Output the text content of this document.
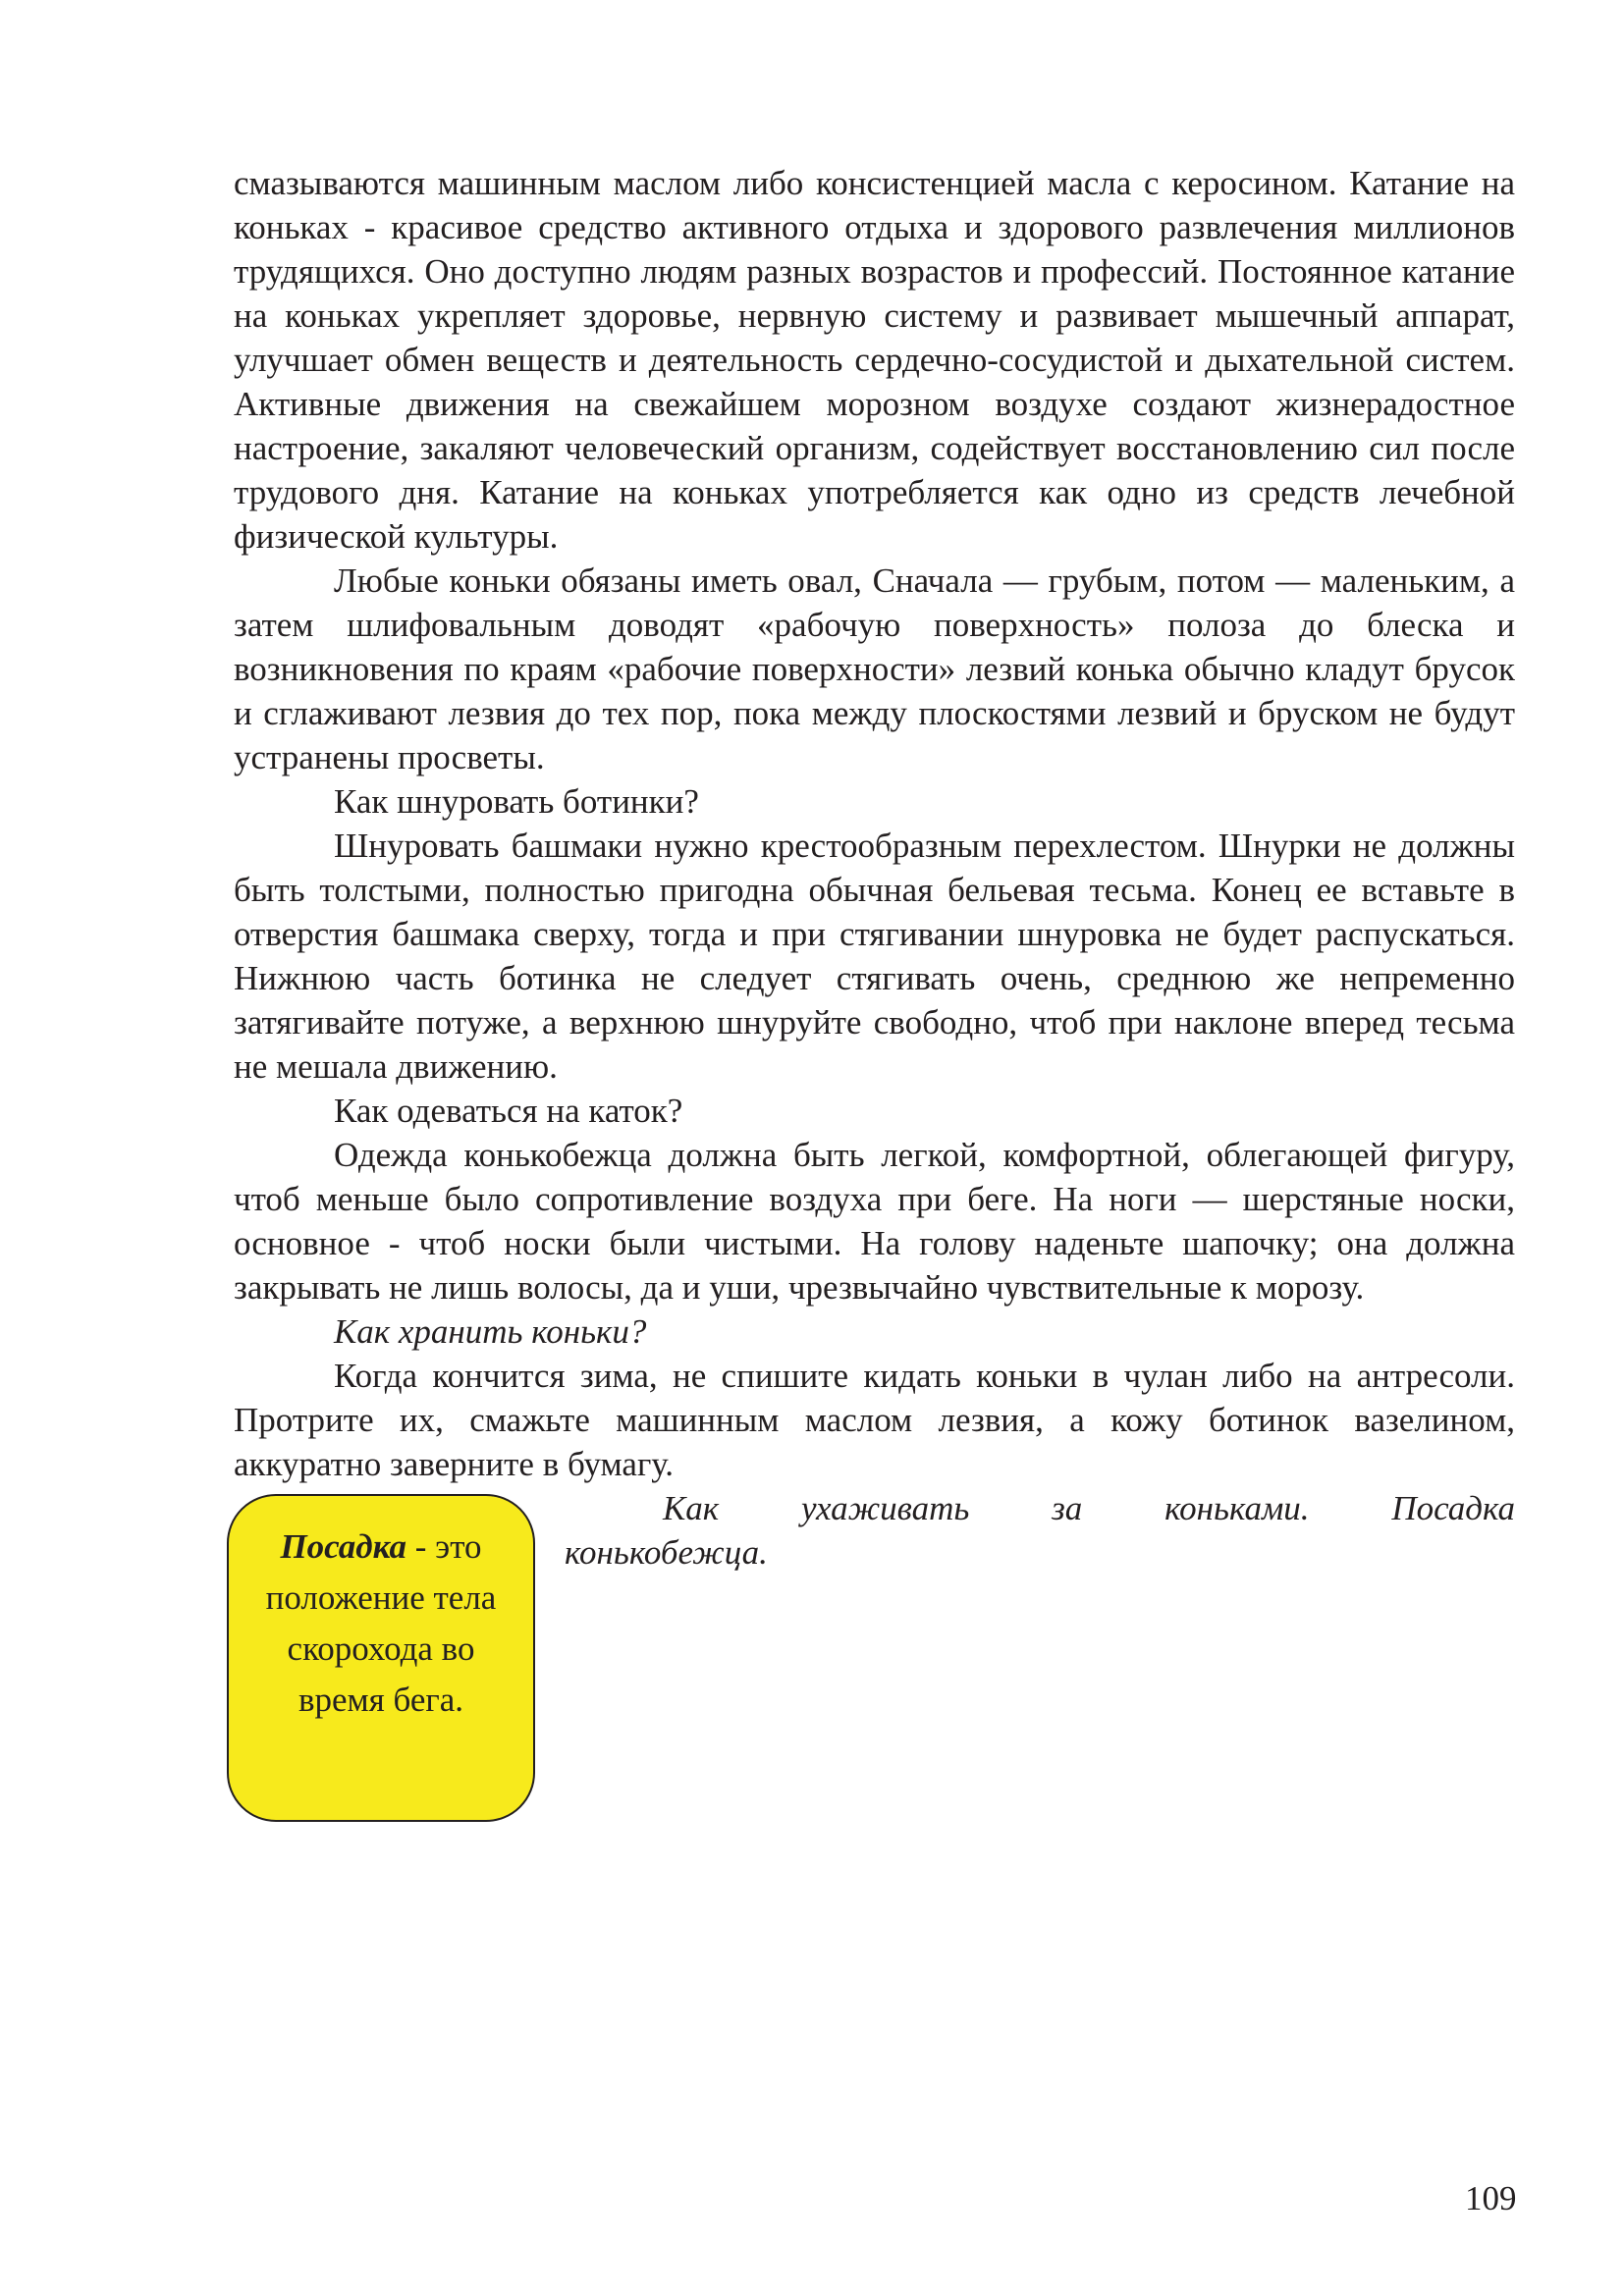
смазываются машинным маслом либо консистенцией масла с керосином. Катание на коньках - красивое средство активного отдыха и здорового развлечения миллионов трудящихся. Оно доступно людям разных возрастов и профессий. Постоянное катание на коньках укрепляет здоровье, нервную систему и развивает мышечный аппарат, улучшает обмен веществ и деятельность сердечно-сосудистой и дыхательной систем. Активные движения на свежайшем морозном воздухе создают жизнерадостное настроение, закаляют человеческий организм, содействует восстановлению сил после трудового дня. Катание на коньках употребляется как одно из средств лечебной физической культуры.

Любые коньки обязаны иметь овал, Сначала — грубым, потом — маленьким, а затем шлифовальным доводят «рабочую поверхность» полоза до блеска и возникновения по краям «рабочие поверхности» лезвий конька обычно кладут брусок и сглаживают лезвия до тех пор, пока между плоскостями лезвий и бруском не будут устранены просветы.

Как шнуровать ботинки?

Шнуровать башмаки нужно крестообразным перехлестом. Шнурки не должны быть толстыми, полностью пригодна обычная бельевая тесьма. Конец ее вставьте в отверстия башмака сверху, тогда и при стягивании шнуровка не будет распускаться. Нижнюю часть ботинка не следует стягивать очень, среднюю же непременно затягивайте потуже, а верхнюю шнуруйте свободно, чтоб при наклоне вперед тесьма не мешала движению.

Как одеваться на каток?

Одежда конькобежца должна быть легкой, комфортной, облегающей фигуру, чтоб меньше было сопротивление воздуха при беге. На ноги — шерстяные носки, основное - чтоб носки были чистыми. На голову наденьте шапочку; она должна закрывать не лишь волосы, да и уши, чрезвычайно чувствительные к морозу.

Как хранить коньки?

Когда кончится зима, не спишите кидать коньки в чулан либо на антресоли. Протрите их, смажьте машинным маслом лезвия, а кожу ботинок вазелином, аккуратно заверните в бумагу.

Посадка - это положение тела скорохода во время бега.

Как ухаживать за коньками. Посадка
конькобежца.

109
